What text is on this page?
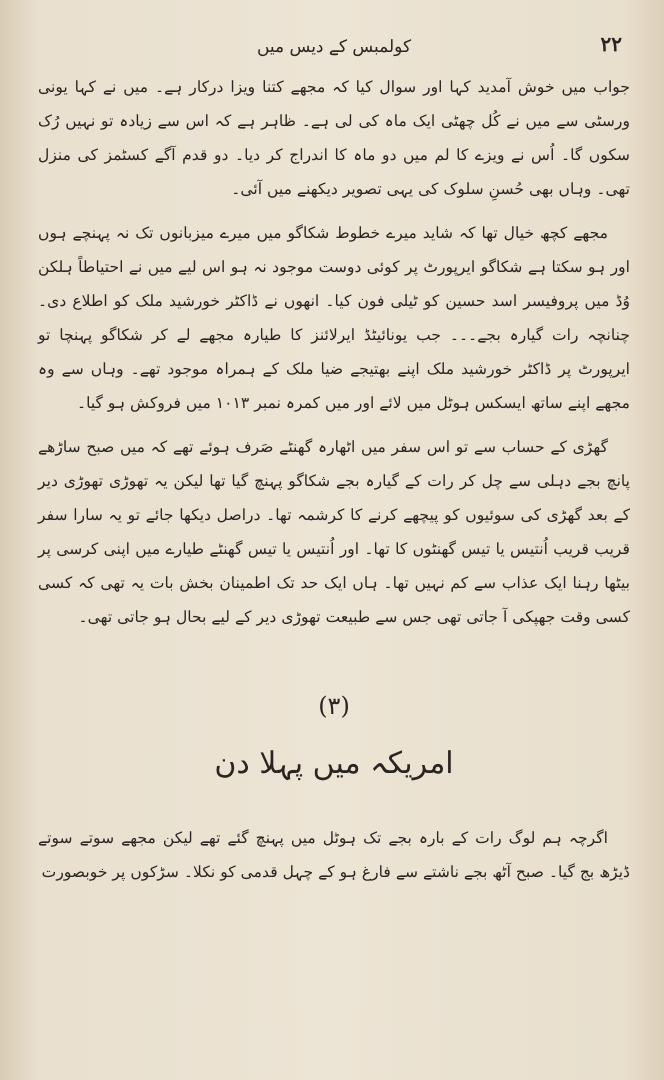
۲۲
کولمبس کے دیس میں

جواب میں خوش آمدید کہا اور سوال کیا کہ مجھے کتنا ویزا درکار ہے۔ میں نے کہا یونی ورسٹی سے میں نے کُل چھٹی ایک ماہ کی لی ہے۔ ظاہر ہے کہ اس سے زیادہ تو نہیں رُک سکوں گا۔ اُس نے ویزے کا لم میں دو ماہ کا اندراج کر دیا۔ دو قدم آگے کسٹمز کی منزل تھی۔ وہاں بھی حُسنِ سلوک کی یہی تصویر دیکھنے میں آئی۔

مجھے کچھ خیال تھا کہ شاید میرے خطوط شکاگو میں میرے میزبانوں تک نہ پہنچے ہوں اور ہو سکتا ہے شکاگو ایرپورٹ پر کوئی دوست موجود نہ ہو اس لیے میں نے احتیاطاً ہلکن وُڈ میں پروفیسر اسد حسین کو ٹیلی فون کیا۔ انھوں نے ڈاکٹر خورشید ملک کو اطلاع دی۔ چنانچہ رات گیارہ بجے۔۔۔ جب یونائیٹڈ ایرلائنز کا طیارہ مجھے لے کر شکاگو پہنچا تو ایرپورٹ پر ڈاکٹر خورشید ملک اپنے بھتیجے ضیا ملک کے ہمراہ موجود تھے۔ وہاں سے وہ مجھے اپنے ساتھ ایسکس ہوٹل میں لائے اور میں کمرہ نمبر ۱۰۱۳ میں فروکش ہو گیا۔

گھڑی کے حساب سے تو اس سفر میں اٹھارہ گھنٹے صَرف ہوئے تھے کہ میں صبح ساڑھے پانچ بجے دہلی سے چل کر رات کے گیارہ بجے شکاگو پہنچ گیا تھا لیکن یہ تھوڑی تھوڑی دیر کے بعد گھڑی کی سوئیوں کو پیچھے کرنے کا کرشمہ تھا۔ دراصل دیکھا جائے تو یہ سارا سفر قریب قریب اُنتیس یا تیس گھنٹوں کا تھا۔ اور اُنتیس یا تیس گھنٹے طیارے میں اپنی کرسی پر بیٹھا رہنا ایک عذاب سے کم نہیں تھا۔ ہاں ایک حد تک اطمینان بخش بات یہ تھی کہ کسی کسی وقت جھپکی آ جاتی تھی جس سے طبیعت تھوڑی دیر کے لیے بحال ہو جاتی تھی۔

(۳)
امریکہ میں پہلا دن

اگرچہ ہم لوگ رات کے بارہ بجے تک ہوٹل میں پہنچ گئے تھے لیکن مجھے سوتے سوتے ڈیڑھ بج گیا۔ صبح آٹھ بجے ناشتے سے فارغ ہو کے چہل قدمی کو نکلا۔ سڑکوں پر خوبصورت
